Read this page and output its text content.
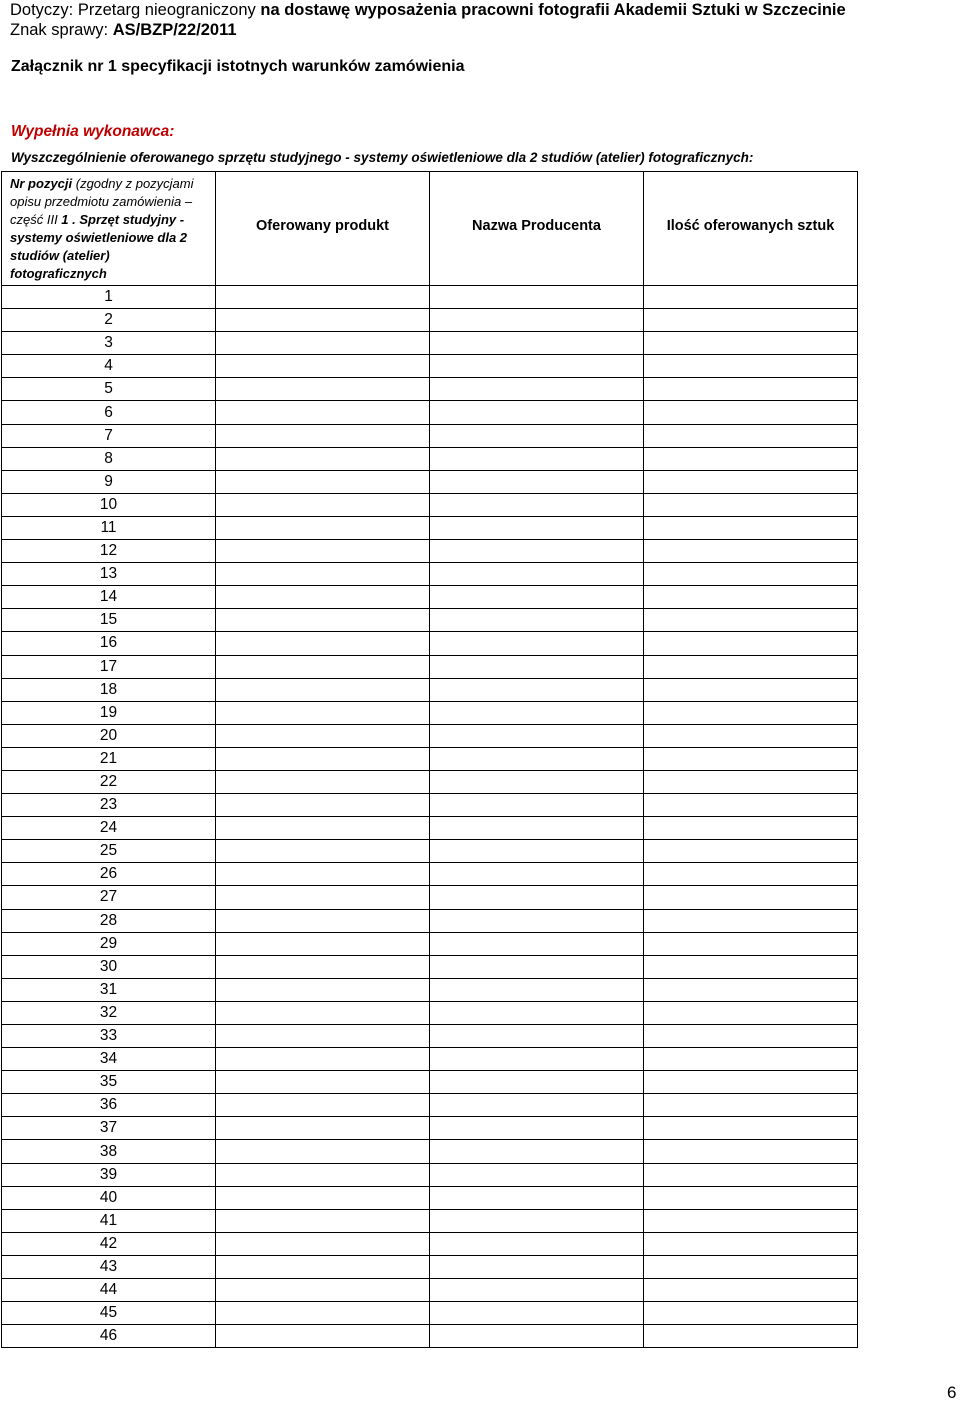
Dotyczy: Przetarg nieograniczony na dostawę wyposażenia pracowni fotografii Akademii Sztuki w Szczecinie
Znak sprawy: AS/BZP/22/2011
Załącznik nr 1 specyfikacji istotnych warunków zamówienia
Wypełnia wykonawca:
Wyszczególnienie oferowanego sprzętu studyjnego - systemy oświetleniowe dla 2 studiów (atelier) fotograficznych:
Nr pozycji (zgodny z pozycjami opisu przedmiotu zamówienia – część III 1 . Sprzęt studyjny - systemy oświetleniowe dla 2 studiów (atelier) fotograficznych	Oferowany produkt	Nazwa Producenta	Ilość oferowanych sztuk
1			
2			
3			
4			
5			
6			
7			
8			
9			
10			
11			
12			
13			
14			
15			
16			
17			
18			
19			
20			
21			
22			
23			
24			
25			
26			
27			
28			
29			
30			
31			
32			
33			
34			
35			
36			
37			
38			
39			
40			
41			
42			
43			
44			
45			
46			
6
